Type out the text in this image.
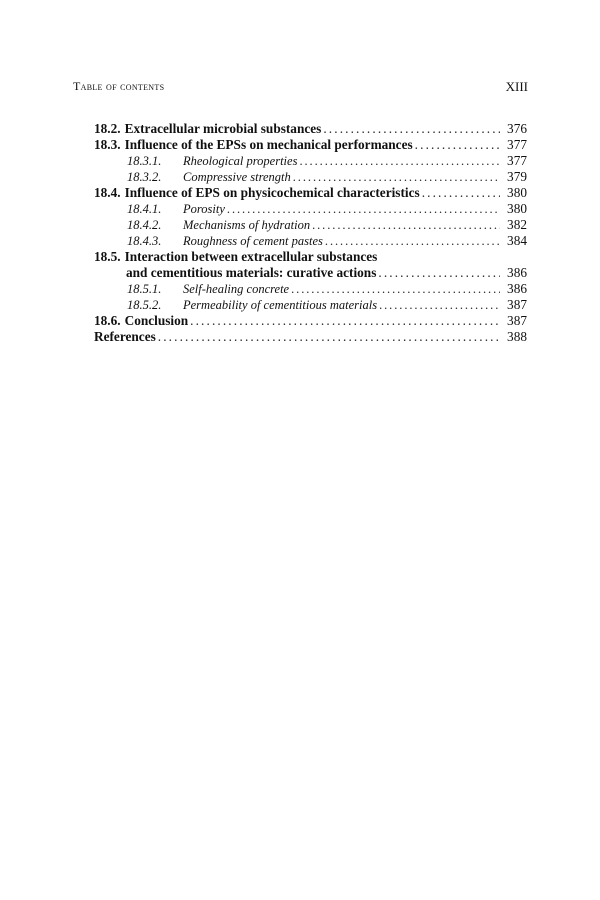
Table of contents	XIII
18.2. Extracellular microbial substances . . .	376
18.3. Influence of the EPSs on mechanical performances . . .	377
18.3.1.	Rheological properties . . .	377
18.3.2.	Compressive strength . . .	379
18.4. Influence of EPS on physicochemical characteristics . . .	380
18.4.1.	Porosity . . .	380
18.4.2.	Mechanisms of hydration . . .	382
18.4.3.	Roughness of cement pastes . . .	384
18.5. Interaction between extracellular substances
and cementitious materials: curative actions . . .	386
18.5.1.	Self-healing concrete . . .	386
18.5.2.	Permeability of cementitious materials . . .	387
18.6. Conclusion . . .	387
References . . .	388
